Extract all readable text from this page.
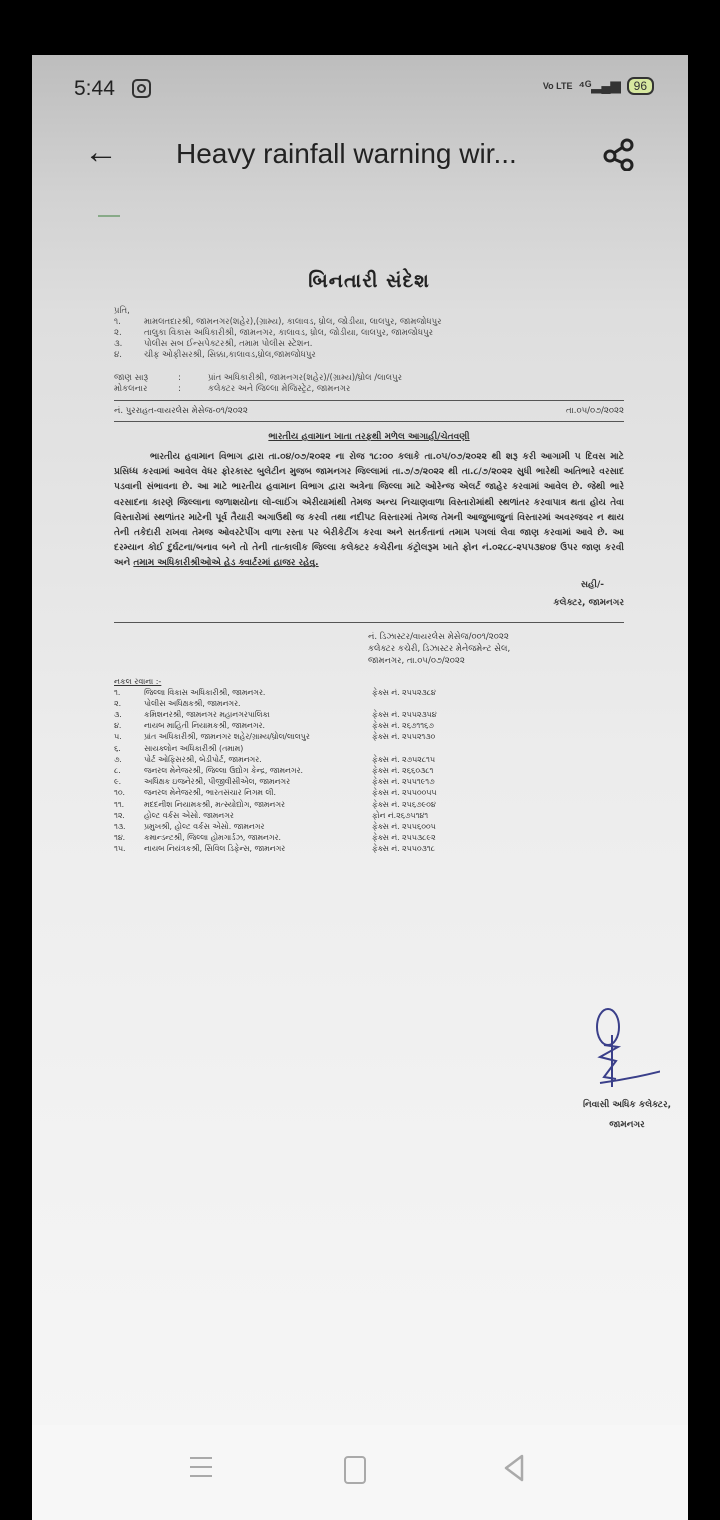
5:44	Vo LTE ⁴ᴳ▂▄▆	96
← Heavy rainfall warning wir...
બિનતારી સંદેશ
પ્રતિ,
૧.	મામલતદારશ્રી, જામનગર(શહેર),(ગ્રામ્ય), કાલાવડ, ધ્રોલ, જોડીયા, લાલપુર, જામજોધપુર
૨.	તાલુકા વિકાસ અધિકારીશ્રી, જામનગર, કાલાવડ, ધ્રોલ, જોડીયા, લાલપુર, જામજોધપુર
૩.	પોલીસ સબ ઈન્સપેક્ટરશ્રી, તમામ પોલીસ સ્ટેશન.
૪.	ચીફ ઓફીસરશ્રી, સિક્કા,કાલાવડ,ધ્રોલ,જામજોધપુર
જાણ સારૂ	:	પ્રાંત અધિકારીશ્રી, જામનગર(શહેર)/(ગ્રામ્ય)/ધ્રોલ /લાલપુર
મોકલનાર	:	કલેક્ટર અને જિલ્લા મેજિસ્ટ્રેટ, જામનગર
નં. પુરરાહત-વાયરલેસ મેસેજ-૦૧/૨૦૨૨	તા.૦૫/૦૭/૨૦૨૨
ભારતીય હવામાન ખાતા તરફથી મળેલ આગાહી/ચેતવણી
ભારતીય હવામાન વિભાગ દ્વારા તા.૦૪/૦૭/૨૦૨૨ ના રોજ ૧૮:૦૦ કલાકે તા.૦૫/૦૭/૨૦૨૨ થી શરૂ કરી આગામી ૫ દિવસ માટે પ્રસિધ્ધ કરવામાં આવેલ વેધર ફોરકાસ્ટ બુલેટીન મુજબ જામનગર જિલ્લામાં તા.૭/૭/૨૦૨૨ થી તા.૮/૭/૨૦૨૨ સુધી ભારેથી અતિભારે વરસાદ પડવાની સંભાવના છે. આ માટે ભારતીય હવામાન વિભાગ દ્વારા અત્રેના જિલ્લા માટે ઓરેન્જ એલર્ટ જાહેર કરવામાં આવેલ છે. જેથી ભારે વરસાદના કારણે જિલ્લાના જળાશયોના લો-લાઈંગ એરીયામાંથી તેમજ અન્ય નિચાણવાળા વિસ્તારોમાંથી સ્થળાંતર કરવાપાત્ર થતા હોય તેવા વિસ્તારોમાં સ્થળાંતર માટેની પૂર્વ તૈયારી અગાઉથી જ કરવી તથા નદીપટ વિસ્તારમાં તેમજ તેમની આજુબાજુનાં વિસ્તારમાં અવરજવર ન થાય તેની તકેદારી રાખવા તેમજ ઓવરટેપીંગ વાળા રસ્તા પર બેરીકેટીંગ કરવા અને સતર્કતાનાં તમામ પગલાં લેવા જાણ કરવામાં આવે છે. આ દરમ્યાન કોઈ દુર્ઘટના/બનાવ બને તો તેની તાત્કાલીક જિલ્લા કલેક્ટર કચેરીના કંટ્રોલરૂમ ખાતે ફોન નં.૦૨૮૮-૨૫૫૩૪૦૪ ઉપર જાણ કરવી અને તમામ અધિકારીશ્રીઓએ હેડ ક્વાર્ટરમાં હાજર રહેવુ.
સહી/-
કલેક્ટર, જામનગર
નં. ડિઝાસ્ટર/વાયરલેસ મેસેજ/૦૦૧/૨૦૨૨
કલેક્ટર કચેરી, ડિઝાસ્ટર મેનેજમેન્ટ સેલ,
જામનગર, તા.૦૫/૦૭/૨૦૨૨
નકલ રવાના :-
૧.	જિલ્લા વિકાસ અધિકારીશ્રી, જામનગર.	ફેક્સ નં. ૨૫૫૨૩૮૪
૨.	પોલીસ અધિક્ષકશ્રી, જામનગર.
૩.	કમિશનરશ્રી, જામનગર મહાનગરપાલિકા	ફેક્સ નં. ૨૫૫૨૩૫૪
૪.	નાયબ માહિતી નિયામકશ્રી, જામનગર.	ફેક્સ નં. ૨૬૭૧૧૬૭
૫.	પ્રાંત અધિકારીશ્રી, જામનગર શહેર/ગ્રામ્ય/ધ્રોલ/લાલપુર	ફેક્સ નં. ૨૫૫૨૧૩૦
૬.	સાયક્લોન અધિકારીશ્રી (તમામ)
૭.	પોર્ટ ઓફિસરશ્રી, બેડીપોર્ટ, જામનગર.	ફેક્સ નં. ૨૭૫૨૮૧૫
૮.	જનરલ મેનેજરશ્રી, જિલ્લા ઉદ્યોગ કેન્દ્ર, જામનગર.	ફેક્સ નં. ૨૬૬૦૩૮૧
૯.	અધિક્ષક ઇજનેરશ્રી, પીજીવીસીએલ, જામનગર	ફેક્સ નં. ૨૫૫૧૯૧૭
૧૦.	જનરલ મેનેજરશ્રી, ભારતસંચાર નિગમ લી.	ફેક્સ નં. ૨૫૫૦૦૫૫
૧૧.	મદદનીશ નિયામકશ્રી, મત્સ્યોદ્યોગ, જામનગર	ફેક્સ નં. ૨૫૬૭૯૦૪
૧૨.	હોલ્ટ વર્કસ એસો. જામનગર	ફોન નં.૨૬૭૫૧૪૧
૧૩.	પ્રમુખશ્રી, હોલ્ટ વર્કસ એસો. જામનગર	ફેક્સ નં. ૨૫૫૬૦૦૫
૧૪.	કમાન્ડન્ટશ્રી, જિલ્લા હોમગાર્ડઝ, જામનગર.	ફેક્સ નં. ૨૫૫૩૮૯૨
૧૫.	નાયબ નિયંત્રકશ્રી, સિવિલ ડિફેન્સ, જામનગર	ફેક્સ નં. ૨૫૫૦૩૧૮
નિવાસી અધિક કલેક્ટર,
જામનગર
